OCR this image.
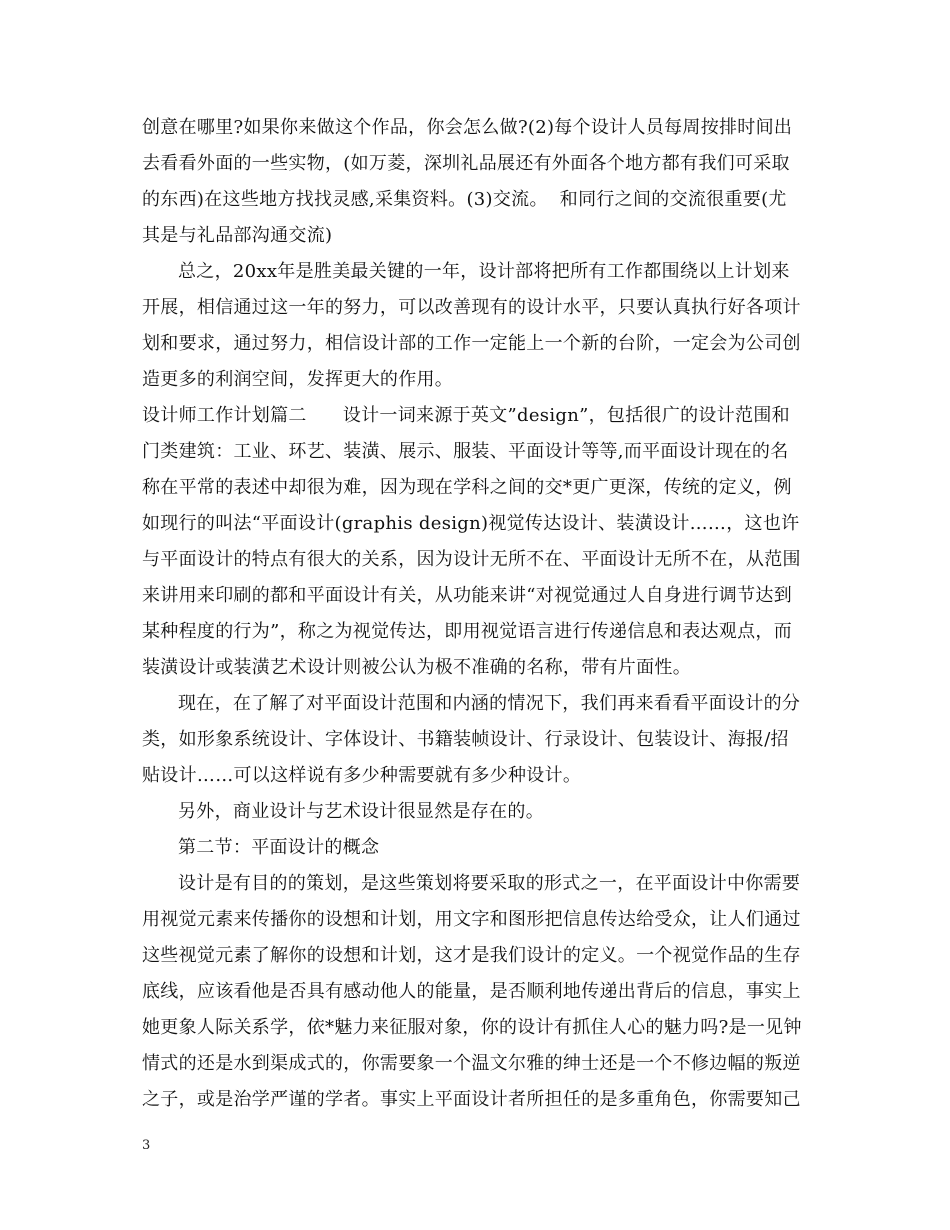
创意在哪里?如果你来做这个作品，你会怎么做?(2)每个设计人员每周按排时间出
去看看外面的一些实物，(如万菱，深圳礼品展还有外面各个地方都有我们可采取
的东西)在这些地方找找灵感,采集资料。(3)交流。  和同行之间的交流很重要(尤
其是与礼品部沟通交流)
总之，20xx年是胜美最关键的一年，设计部将把所有工作都围绕以上计划来
开展，相信通过这一年的努力，可以改善现有的设计水平，只要认真执行好各项计
划和要求，通过努力，相信设计部的工作一定能上一个新的台阶，一定会为公司创
造更多的利润空间，发挥更大的作用。
设计师工作计划篇二      设计一词来源于英文”design”，包括很广的设计范围和
门类建筑：工业、环艺、装潢、展示、服装、平面设计等等,而平面设计现在的名
称在平常的表述中却很为难，因为现在学科之间的交*更广更深，传统的定义，例
如现行的叫法“平面设计(graphis design)视觉传达设计、装潢设计……，这也许
与平面设计的特点有很大的关系，因为设计无所不在、平面设计无所不在，从范围
来讲用来印刷的都和平面设计有关，从功能来讲“对视觉通过人自身进行调节达到
某种程度的行为”，称之为视觉传达，即用视觉语言进行传递信息和表达观点，而
装潢设计或装潢艺术设计则被公认为极不准确的名称，带有片面性。
现在，在了解了对平面设计范围和内涵的情况下，我们再来看看平面设计的分
类，如形象系统设计、字体设计、书籍装帧设计、行录设计、包装设计、海报/招
贴设计……可以这样说有多少种需要就有多少种设计。
另外，商业设计与艺术设计很显然是存在的。
第二节：平面设计的概念
设计是有目的的策划，是这些策划将要采取的形式之一，在平面设计中你需要
用视觉元素来传播你的设想和计划，用文字和图形把信息传达给受众，让人们通过
这些视觉元素了解你的设想和计划，这才是我们设计的定义。一个视觉作品的生存
底线，应该看他是否具有感动他人的能量，是否顺利地传递出背后的信息，事实上
她更象人际关系学，依*魅力来征服对象，你的设计有抓住人心的魅力吗?是一见钟
情式的还是水到渠成式的，你需要象一个温文尔雅的绅士还是一个不修边幅的叛逆
之子，或是治学严谨的学者。事实上平面设计者所担任的是多重角色，你需要知己
3
